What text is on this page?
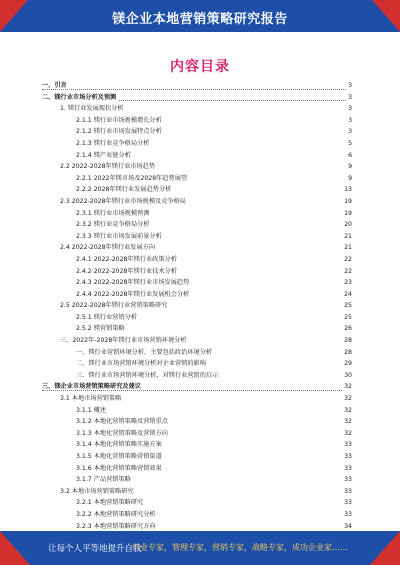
镁企业本地营销策略研究报告
内容目录
一、引言	3
二、镁行业市场分析及预测	3
1. 镁行业发展现状分析	3
2.1.1 镁行业市场规模增长分析	3
2.1.2 镁行业市场发展特点分析	3
2.1.3 镁行业竞争格局分析	5
2.1.4 镁产业链分析	6
2.2 2022-2028年镁行业市场趋势	9
2.2.1 2022年镁市场及2028年趋势展望	9
2.2.2 2028年镁行业发展趋势分析	13
2.3 2022-2028年镁行业市场规模及竞争格局	19
2.3.1 镁行业市场规模预测	19
2.3.2 镁行业竞争格局分析	20
2.3.3 镁行业市场发展前景分析	21
2.4 2022-2028年镁行业发展方向	21
2.4.1 2022-2028年镁行业政策分析	22
2.4.2 2022-2028年镁行业技术分析	22
2.4.3 2022-2028年镁行业市场发展趋势	23
2.4.4 2022-2028年镁行业发展机会分析	24
2.5 2022-2028年镁行业营销策略研究	25
2.5.1 镁行业营销分析	25
2.5.2 镁营销策略	26
三、2022年-2028年镁行业市场营销环境分析	28
一、镁行业营销环境分析，主要包括政治环境分析	28
二、镁行业市场营销环境分析对企业营销的影响	29
三、镁行业市场营销环境分析，对镁行业营销的启示	30
三、镁企业市场营销策略研究及建议	32
3.1 本地市场营销策略	32
3.1.1 概述	32
3.1.2 本地化营销策略及营销重点	32
3.1.3 本地化营销策略及营销方向	32
3.1.4 本地化营销策略实施方案	33
3.1.5 本地化营销策略营销渠道	33
3.1.6 本地化营销策略营销效果	33
3.1.7 产品营销策略	33
3.2 本地市场营销策略研究	33
3.2.1 本地营销策略研究	33
3.2.2 本地营销策略研究分析	33
3.2.3 本地营销策略研究方向	34
让每个人平等地提升自我
行业专家，管理专家，营销专家，战略专家，成功企业家……
